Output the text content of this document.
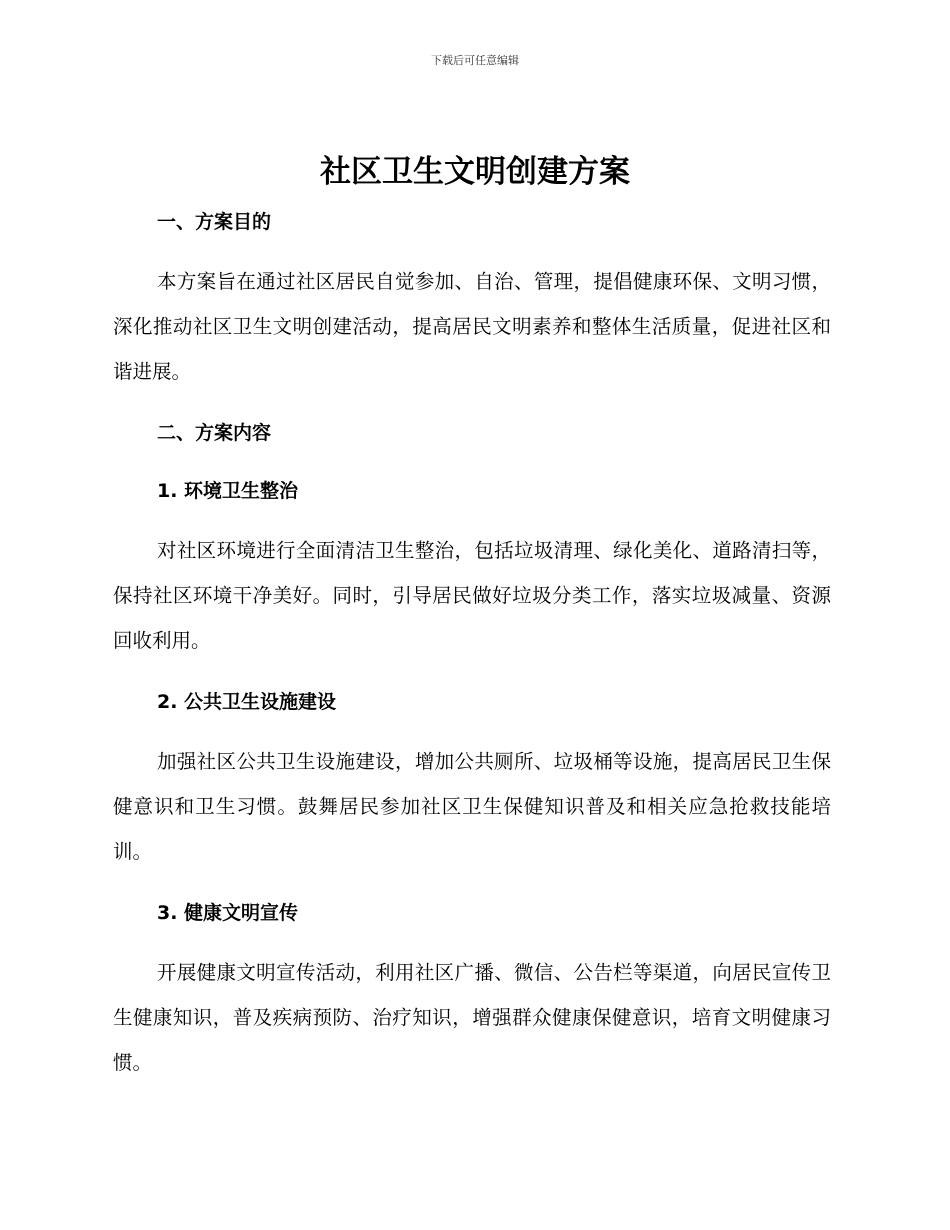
下载后可任意编辑
社区卫生文明创建方案

一、方案目的

本方案旨在通过社区居民自觉参加、自治、管理，提倡健康环保、文明习惯，深化推动社区卫生文明创建活动，提高居民文明素养和整体生活质量，促进社区和谐进展。

二、方案内容

1. 环境卫生整治

对社区环境进行全面清洁卫生整治，包括垃圾清理、绿化美化、道路清扫等，保持社区环境干净美好。同时，引导居民做好垃圾分类工作，落实垃圾减量、资源回收利用。

2. 公共卫生设施建设

加强社区公共卫生设施建设，增加公共厕所、垃圾桶等设施，提高居民卫生保健意识和卫生习惯。鼓舞居民参加社区卫生保健知识普及和相关应急抢救技能培训。

3. 健康文明宣传

开展健康文明宣传活动，利用社区广播、微信、公告栏等渠道，向居民宣传卫生健康知识，普及疾病预防、治疗知识，增强群众健康保健意识，培育文明健康习惯。
